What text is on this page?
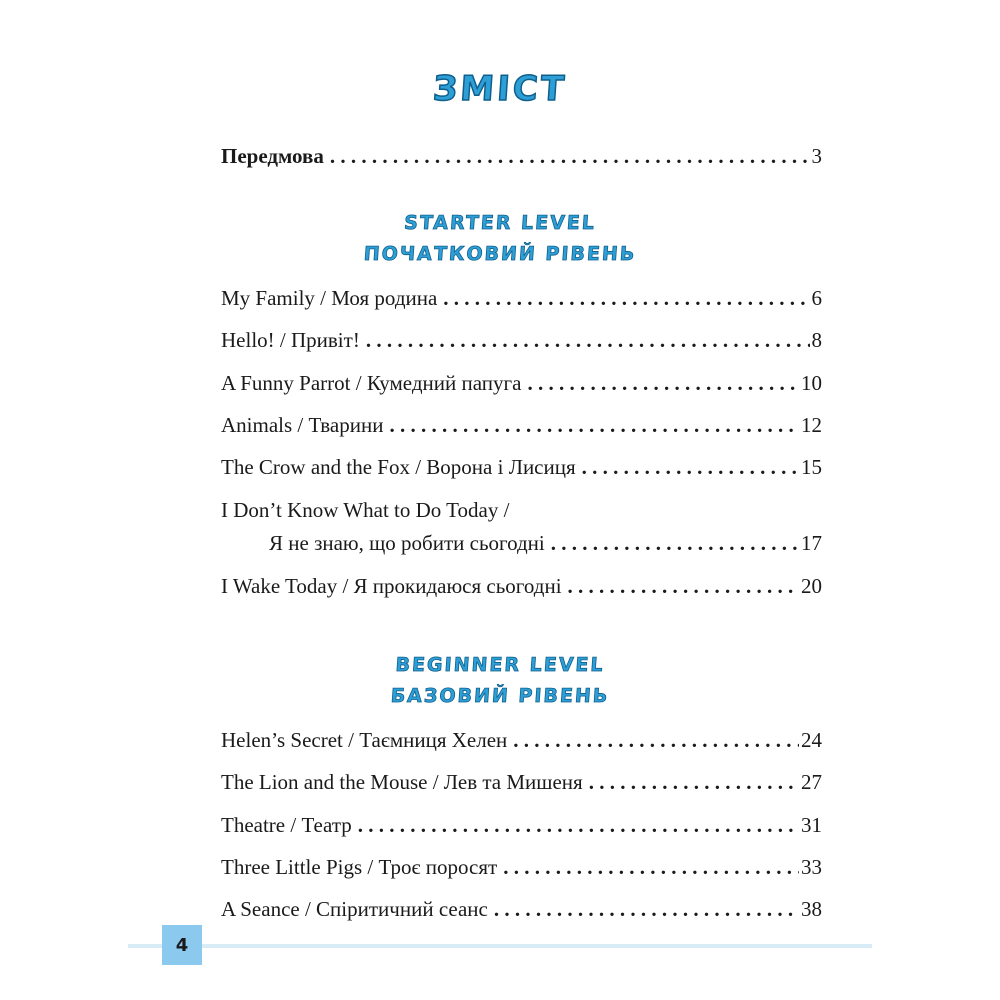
ЗМІСТ
Передмова . . .	3
My Family / Моя родина . . .	6
Hello! / Привіт! . . .	8
A Funny Parrot / Кумедний папуга . . .	10
Animals / Тварини . . .	12
The Crow and the Fox / Ворона і Лисиця . . .	15
I Don’t Know What to Do Today /
Я не знаю, що робити сьогодні . . .	17
I Wake Today / Я прокидаюся сьогодні . . .	20
Helen’s Secret / Таємниця Хелен . . .	24
The Lion and the Mouse / Лев та Мишеня . . .	27
Theatre / Театр . . .	31
Three Little Pigs / Троє поросят . . .	33
A Seance / Спіритичний сеанс . . .	38
STARTER LEVEL
ПОЧАТКОВИЙ РІВЕНЬ
BEGINNER LEVEL
БАЗОВИЙ РІВЕНЬ
4
